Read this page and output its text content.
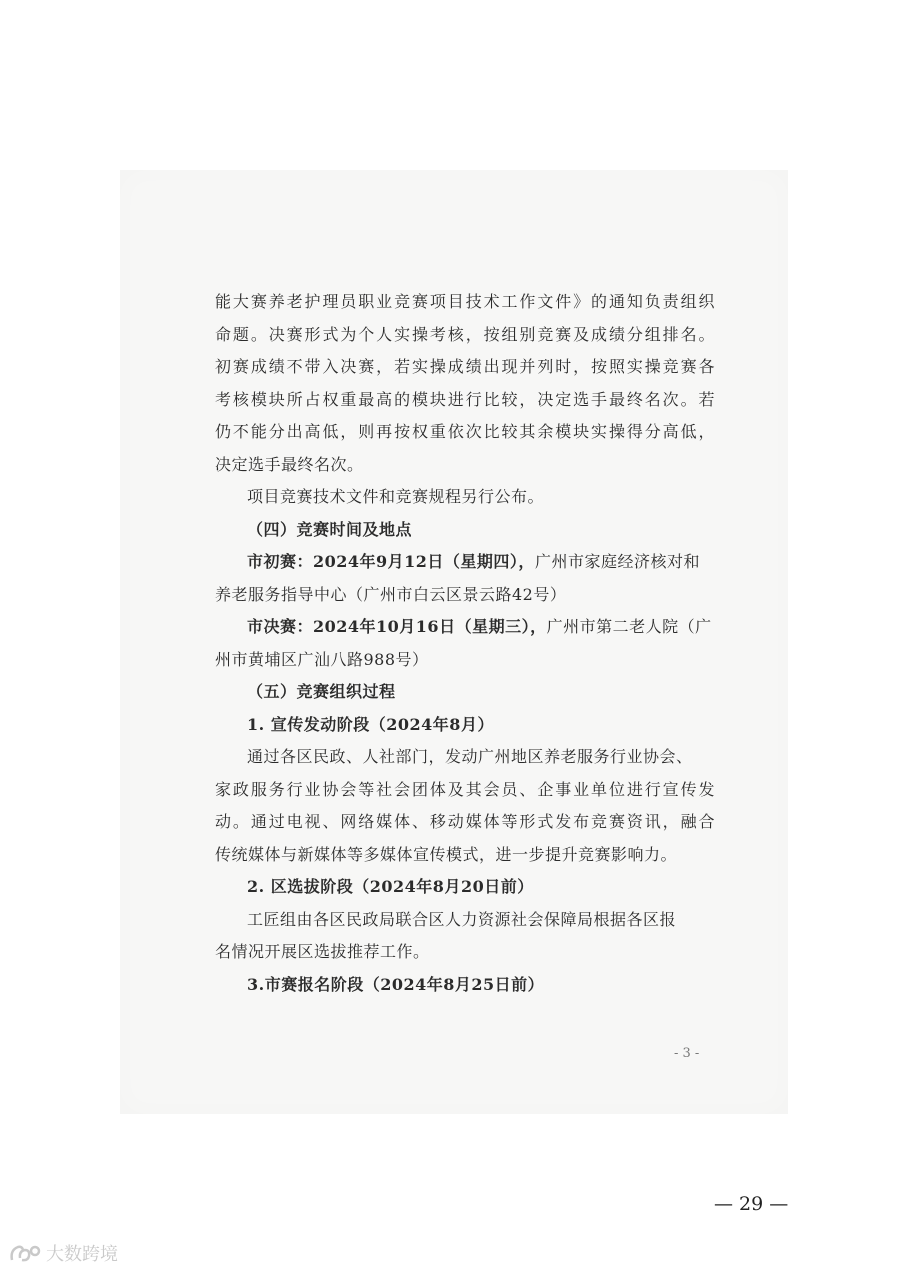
能大赛养老护理员职业竞赛项目技术工作文件》的通知负责组织
命题。决赛形式为个人实操考核，按组别竞赛及成绩分组排名。
初赛成绩不带入决赛，若实操成绩出现并列时，按照实操竞赛各
考核模块所占权重最高的模块进行比较，决定选手最终名次。若
仍不能分出高低，则再按权重依次比较其余模块实操得分高低，
决定选手最终名次。
项目竞赛技术文件和竞赛规程另行公布。
（四）竞赛时间及地点
市初赛：2024年9月12日（星期四），广州市家庭经济核对和
养老服务指导中心（广州市白云区景云路42号）
市决赛：2024年10月16日（星期三），广州市第二老人院（广
州市黄埔区广汕八路988号）
（五）竞赛组织过程
1. 宣传发动阶段（2024年8月）
通过各区民政、人社部门，发动广州地区养老服务行业协会、
家政服务行业协会等社会团体及其会员、企事业单位进行宣传发
动。通过电视、网络媒体、移动媒体等形式发布竞赛资讯，融合
传统媒体与新媒体等多媒体宣传模式，进一步提升竞赛影响力。
2. 区选拔阶段（2024年8月20日前）
工匠组由各区民政局联合区人力资源社会保障局根据各区报
名情况开展区选拔推荐工作。
3.市赛报名阶段（2024年8月25日前）
- 3 -
— 29 —
大数跨境
